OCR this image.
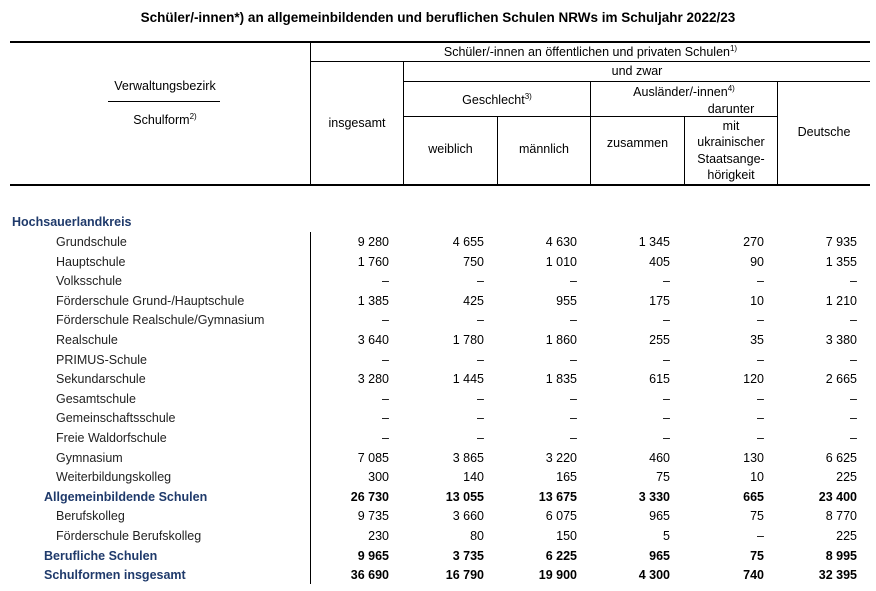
Schüler/-innen*) an allgemeinbildenden und beruflichen Schulen NRWs im Schuljahr 2022/23
Verwaltungsbezirk
Schulform$^{2)}$
Schüler/-innen an öffentlichen und privaten Schulen$^{1)}$
und zwar
Geschlecht$^{3)}$	Ausländer/-innen$^{4)}$
insgesamt
weiblich	männlich	zusammen
darunter
mit
ukrainischer
Staatsange-
hörigkeit
Deutsche
Hochsauerlandkreis
Grundschule	9 280	4 655	4 630	1 345	270	7 935
Hauptschule	1 760	750	1 010	405	90	1 355
Volksschule	–	–	–	–	–	–
Förderschule Grund-/Hauptschule	1 385	425	955	175	10	1 210
Förderschule Realschule/Gymnasium	–	–	–	–	–	–
Realschule	3 640	1 780	1 860	255	35	3 380
PRIMUS-Schule	–	–	–	–	–	–
Sekundarschule	3 280	1 445	1 835	615	120	2 665
Gesamtschule	–	–	–	–	–	–
Gemeinschaftsschule	–	–	–	–	–	–
Freie Waldorfschule	–	–	–	–	–	–
Gymnasium	7 085	3 865	3 220	460	130	6 625
Weiterbildungskolleg	300	140	165	75	10	225
Allgemeinbildende Schulen	26 730	13 055	13 675	3 330	665	23 400
Berufskolleg	9 735	3 660	6 075	965	75	8 770
Förderschule Berufskolleg	230	80	150	5	–	225
Berufliche Schulen	9 965	3 735	6 225	965	75	8 995
Schulformen insgesamt	36 690	16 790	19 900	4 300	740	32 395
